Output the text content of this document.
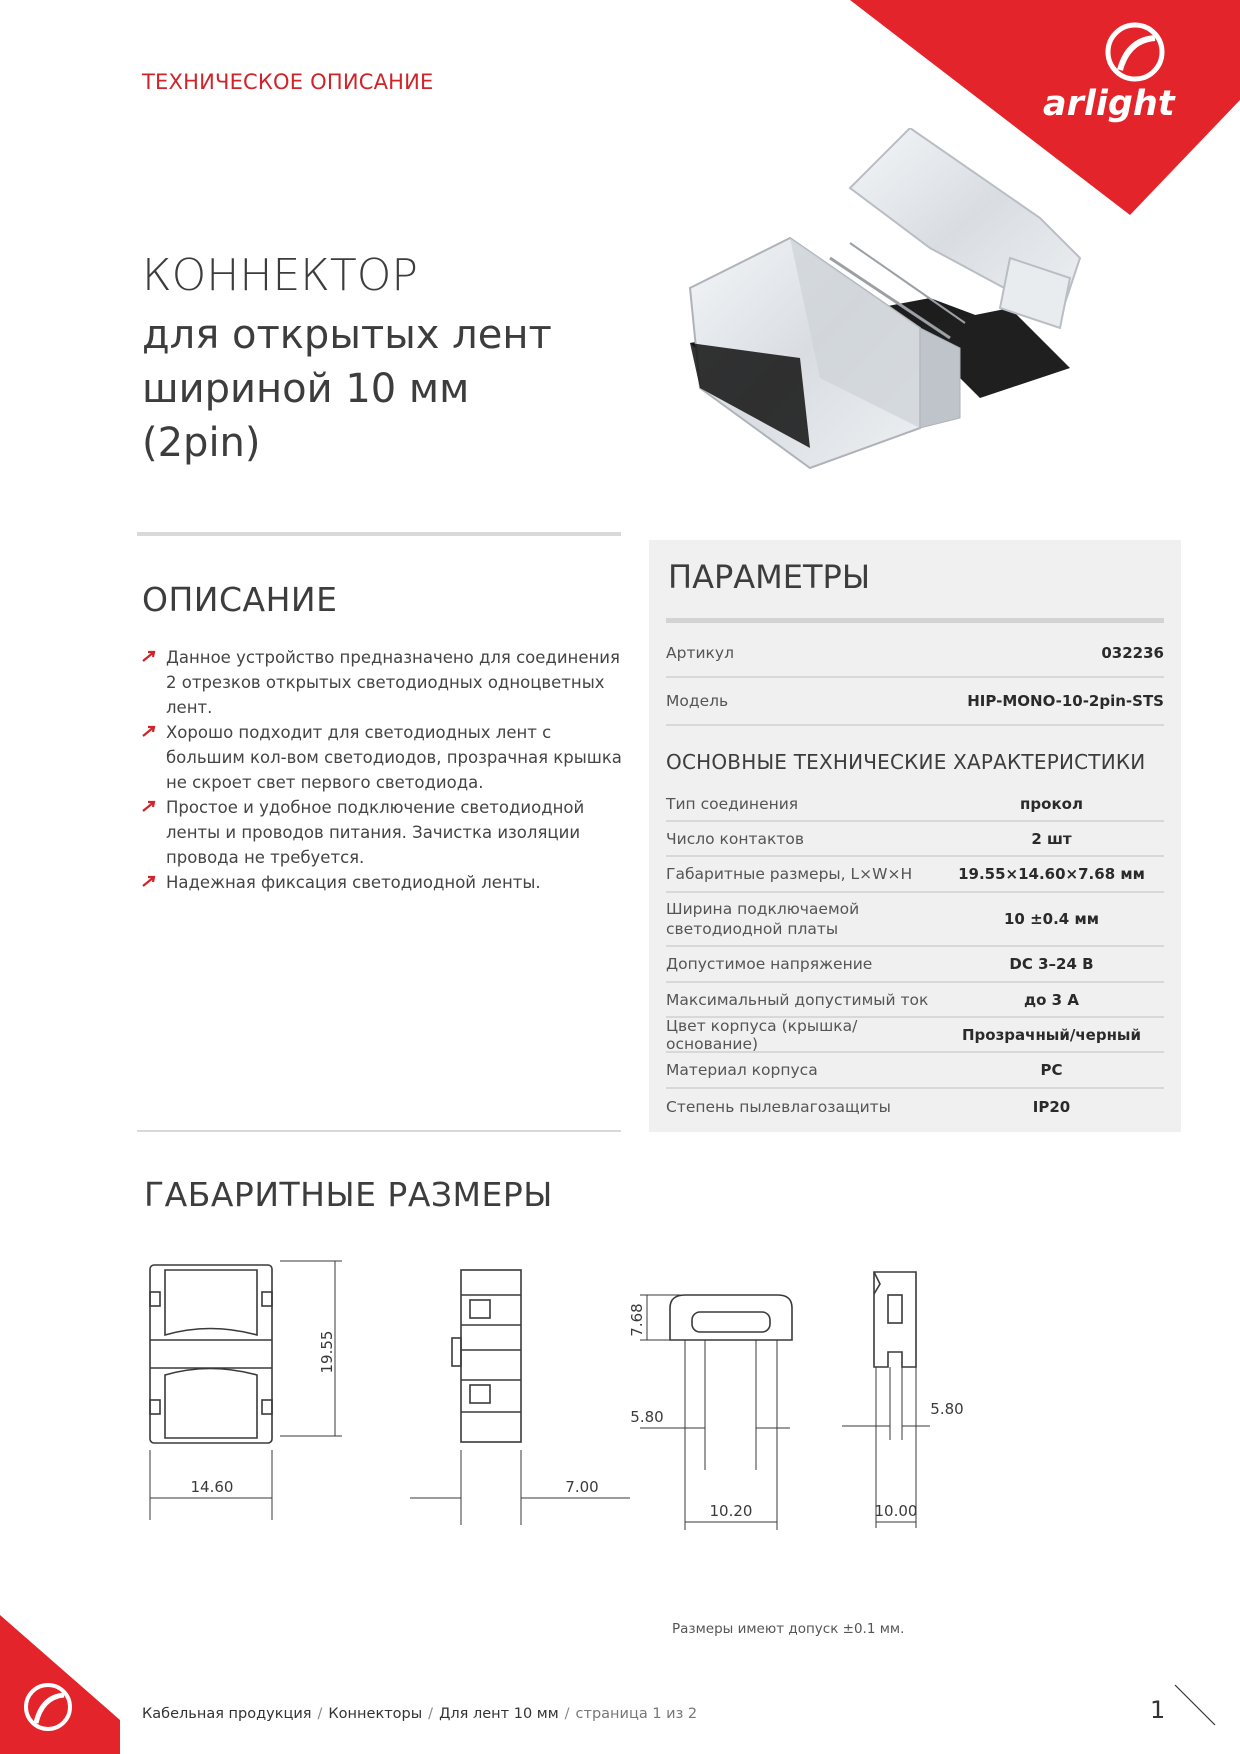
arlight
ТЕХНИЧЕСКОЕ ОПИСАНИЕ
КОННЕКТОР
для открытых лент
шириной 10 мм
(2pin)
ОПИСАНИЕ
Данное устройство предназначено для соединения 2 отрезков открытых светодиодных одноцветных лент.
Хорошо подходит для светодиодных лент с большим кол-вом светодиодов, прозрачная крышка не скроет свет первого светодиода.
Простое и удобное подключение светодиодной ленты и проводов питания. Зачистка изоляции провода не требуется.
Надежная фиксация светодиодной ленты.
ПАРАМЕТРЫ
Артикул	032236
Модель	HIP-MONO-10-2pin-STS
ОСНОВНЫЕ ТЕХНИЧЕСКИЕ ХАРАКТЕРИСТИКИ
Тип соединения	прокол
Число контактов	2 шт
Габаритные размеры, L×W×H	19.55×14.60×7.68 мм
Ширина подключаемой светодиодной платы
10 ±0.4 мм
Допустимое напряжение	DC 3–24 В
Максимальный допустимый ток	до 3 А
Цвет корпуса (крышка/основание)	Прозрачный/черный
Материал корпуса	PC
Степень пылевлагозащиты	IP20
ГАБАРИТНЫЕ РАЗМЕРЫ
19.55
14.60	7.00
7.68
5.80
10.20	10.00
5.80
Размеры имеют допуск ±0.1 мм.
Кабельная продукция / Коннекторы / Для лент 10 мм / страница 1 из 2	1
